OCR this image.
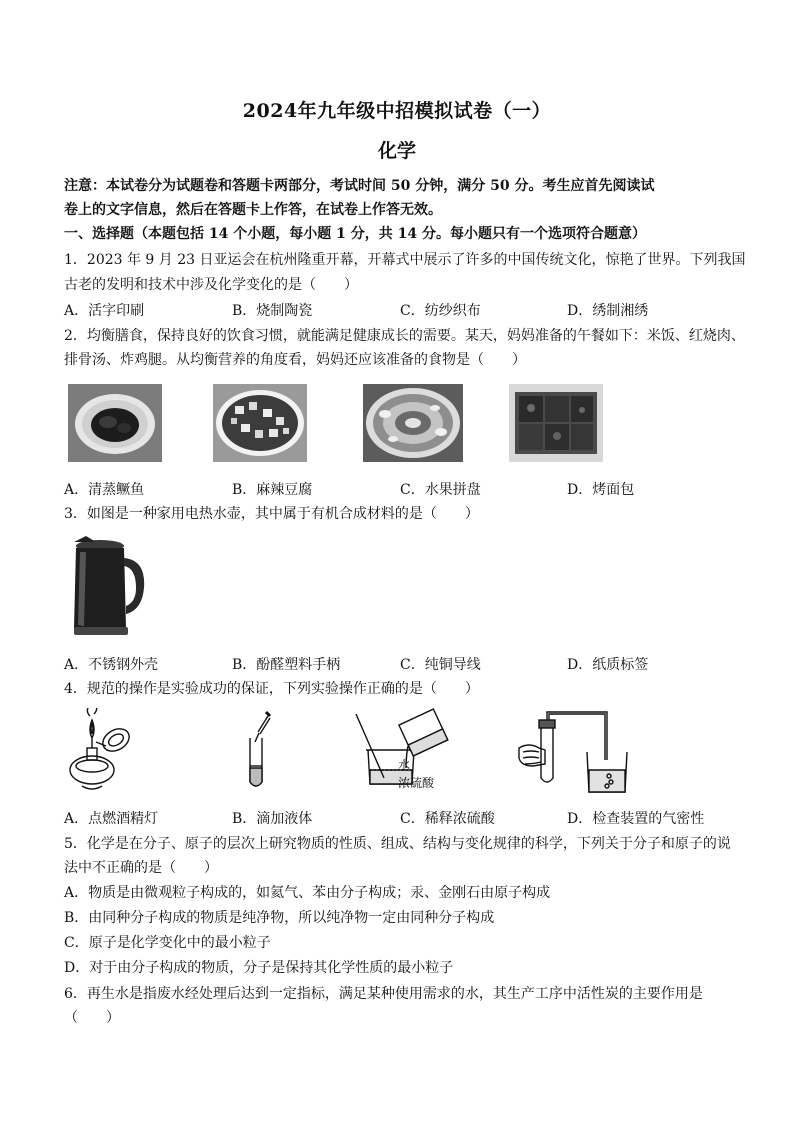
2024年九年级中招模拟试卷（一）
化学
注意：本试卷分为试题卷和答题卡两部分，考试时间 50 分钟，满分 50 分。考生应首先阅读试
卷上的文字信息，然后在答题卡上作答，在试卷上作答无效。
一、选择题（本题包括 14 个小题，每小题 1 分，共 14 分。每小题只有一个选项符合题意）
1．2023 年 9 月 23 日亚运会在杭州隆重开幕，开幕式中展示了许多的中国传统文化，惊艳了世界。下列我国
古老的发明和技术中涉及化学变化的是（　　）
A．活字印刷	B．烧制陶瓷	C．纺纱织布	D．绣制湘绣
2．均衡膳食，保持良好的饮食习惯，就能满足健康成长的需要。某天，妈妈准备的午餐如下：米饭、红烧肉、
排骨汤、炸鸡腿。从均衡营养的角度看，妈妈还应该准备的食物是（　　）
A．清蒸鳜鱼	B．麻辣豆腐	C．水果拼盘	D．烤面包
3．如图是一种家用电热水壶，其中属于有机合成材料的是（　　）
A．不锈钢外壳	B．酚醛塑料手柄	C．纯铜导线	D．纸质标签
4．规范的操作是实验成功的保证，下列实验操作正确的是（　　）
水
浓硫酸
A．点燃酒精灯	B．滴加液体	C．稀释浓硫酸	D．检查装置的气密性
5．化学是在分子、原子的层次上研究物质的性质、组成、结构与变化规律的科学，下列关于分子和原子的说
法中不正确的是（　　）
A．物质是由微观粒子构成的，如氦气、苯由分子构成；汞、金刚石由原子构成
B．由同种分子构成的物质是纯净物，所以纯净物一定由同种分子构成
C．原子是化学变化中的最小粒子
D．对于由分子构成的物质，分子是保持其化学性质的最小粒子
6．再生水是指废水经处理后达到一定指标，满足某种使用需求的水，其生产工序中活性炭的主要作用是
（　　）
